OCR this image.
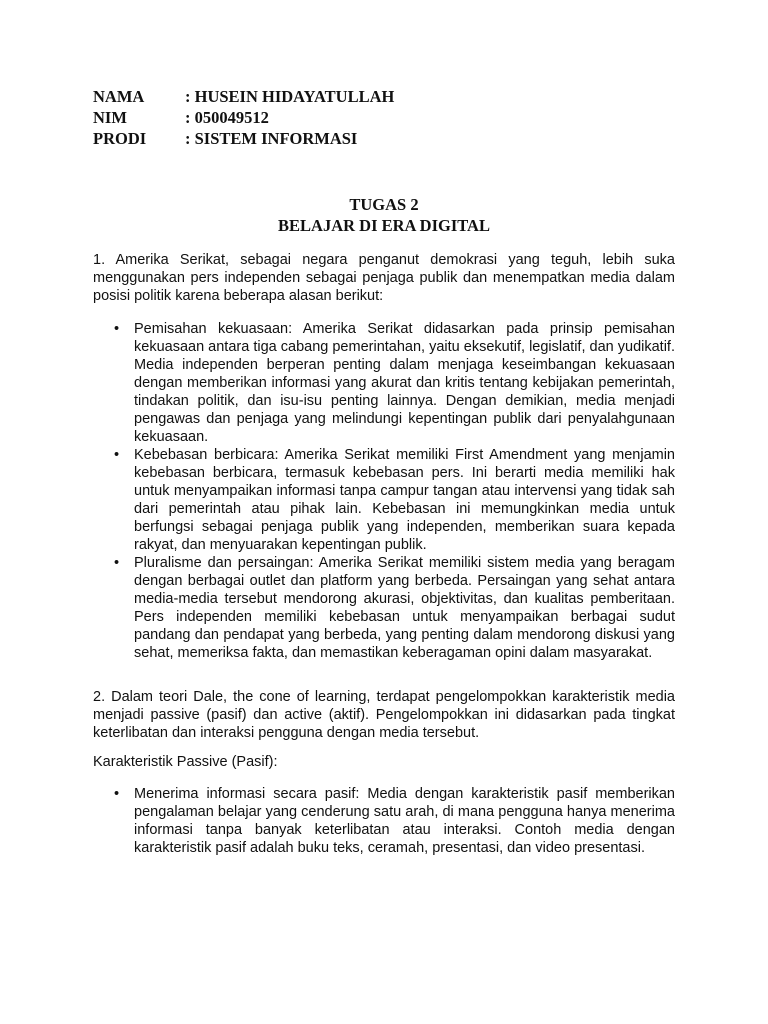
NAMA	: HUSEIN HIDAYATULLAH
NIM	: 050049512
PRODI	: SISTEM INFORMASI
TUGAS 2
BELAJAR DI ERA DIGITAL

1. Amerika Serikat, sebagai negara penganut demokrasi yang teguh, lebih suka menggunakan pers independen sebagai penjaga publik dan menempatkan media dalam posisi politik karena beberapa alasan berikut:

• Pemisahan kekuasaan: Amerika Serikat didasarkan pada prinsip pemisahan kekuasaan antara tiga cabang pemerintahan, yaitu eksekutif, legislatif, dan yudikatif. Media independen berperan penting dalam menjaga keseimbangan kekuasaan dengan memberikan informasi yang akurat dan kritis tentang kebijakan pemerintah, tindakan politik, dan isu-isu penting lainnya. Dengan demikian, media menjadi pengawas dan penjaga yang melindungi kepentingan publik dari penyalahgunaan kekuasaan.
• Kebebasan berbicara: Amerika Serikat memiliki First Amendment yang menjamin kebebasan berbicara, termasuk kebebasan pers. Ini berarti media memiliki hak untuk menyampaikan informasi tanpa campur tangan atau intervensi yang tidak sah dari pemerintah atau pihak lain. Kebebasan ini memungkinkan media untuk berfungsi sebagai penjaga publik yang independen, memberikan suara kepada rakyat, dan menyuarakan kepentingan publik.
• Pluralisme dan persaingan: Amerika Serikat memiliki sistem media yang beragam dengan berbagai outlet dan platform yang berbeda. Persaingan yang sehat antara media-media tersebut mendorong akurasi, objektivitas, dan kualitas pemberitaan. Pers independen memiliki kebebasan untuk menyampaikan berbagai sudut pandang dan pendapat yang berbeda, yang penting dalam mendorong diskusi yang sehat, memeriksa fakta, dan memastikan keberagaman opini dalam masyarakat.

2. Dalam teori Dale, the cone of learning, terdapat pengelompokkan karakteristik media menjadi passive (pasif) dan active (aktif). Pengelompokkan ini didasarkan pada tingkat keterlibatan dan interaksi pengguna dengan media tersebut.

Karakteristik Passive (Pasif):

• Menerima informasi secara pasif: Media dengan karakteristik pasif memberikan pengalaman belajar yang cenderung satu arah, di mana pengguna hanya menerima informasi tanpa banyak keterlibatan atau interaksi. Contoh media dengan karakteristik pasif adalah buku teks, ceramah, presentasi, dan video presentasi.
